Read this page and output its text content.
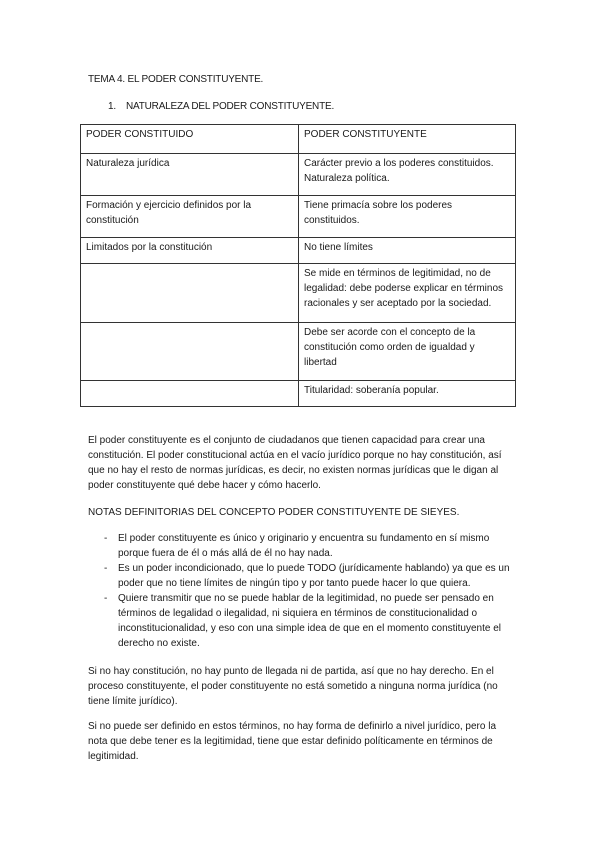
TEMA 4. EL PODER CONSTITUYENTE.
1. NATURALEZA DEL PODER CONSTITUYENTE.
PODER CONSTITUIDO	PODER CONSTITUYENTE
Naturaleza jurídica	Carácter previo a los poderes constituidos. Naturaleza política.
Formación y ejercicio definidos por la constitución	Tiene primacía sobre los poderes constituidos.
Limitados por la constitución	No tiene límites
	Se mide en términos de legitimidad, no de legalidad: debe poderse explicar en términos racionales y ser aceptado por la sociedad.
	Debe ser acorde con el concepto de la constitución como orden de igualdad y libertad
	Titularidad: soberanía popular.
El poder constituyente es el conjunto de ciudadanos que tienen capacidad para crear una constitución. El poder constitucional actúa en el vacío jurídico porque no hay constitución, así que no hay el resto de normas jurídicas, es decir, no existen normas jurídicas que le digan al poder constituyente qué debe hacer y cómo hacerlo.
NOTAS DEFINITORIAS DEL CONCEPTO PODER CONSTITUYENTE DE SIEYES.
- El poder constituyente es único y originario y encuentra su fundamento en sí mismo porque fuera de él o más allá de él no hay nada.
- Es un poder incondicionado, que lo puede TODO (jurídicamente hablando) ya que es un poder que no tiene límites de ningún tipo y por tanto puede hacer lo que quiera.
- Quiere transmitir que no se puede hablar de la legitimidad, no puede ser pensado en términos de legalidad o ilegalidad, ni siquiera en términos de constitucionalidad o inconstitucionalidad, y eso con una simple idea de que en el momento constituyente el derecho no existe.
Si no hay constitución, no hay punto de llegada ni de partida, así que no hay derecho. En el proceso constituyente, el poder constituyente no está sometido a ninguna norma jurídica (no tiene límite jurídico).
Si no puede ser definido en estos términos, no hay forma de definirlo a nivel jurídico, pero la nota que debe tener es la legitimidad, tiene que estar definido políticamente en términos de legitimidad.
